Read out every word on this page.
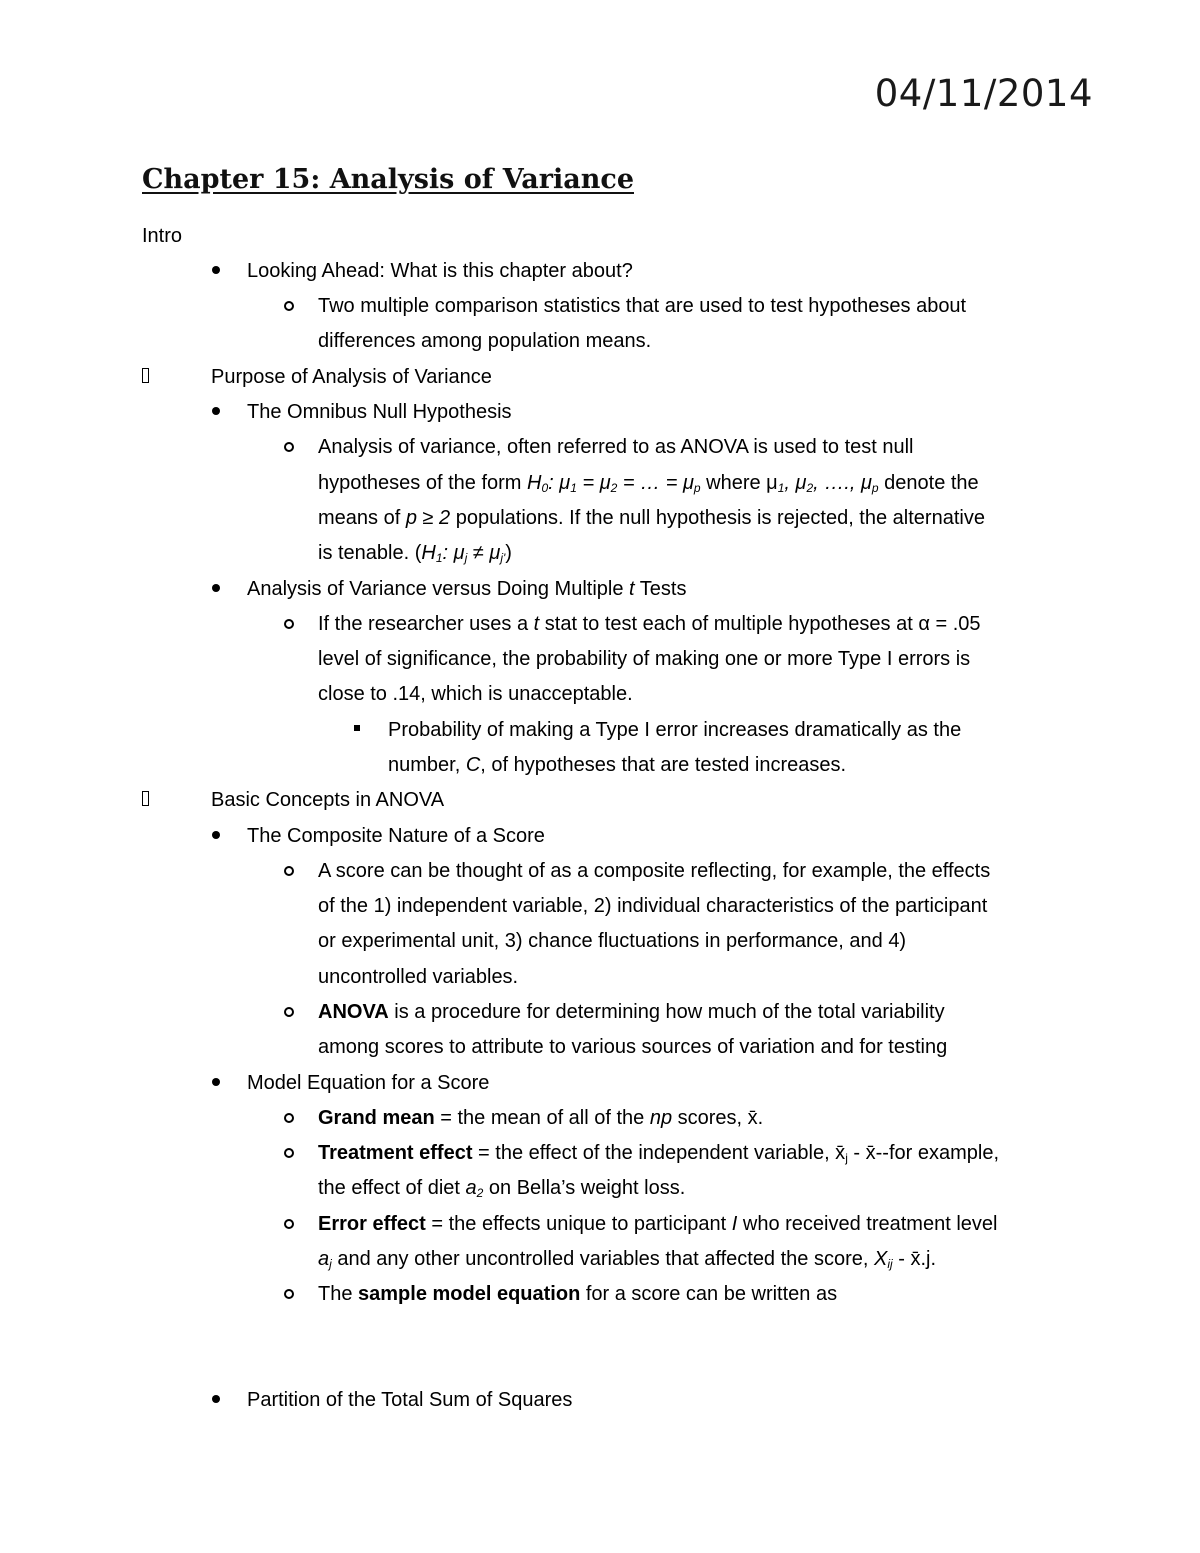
04/11/2014
Chapter 15: Analysis of Variance
Intro
Looking Ahead: What is this chapter about?
Two multiple comparison statistics that are used to test hypotheses about
differences among population means.
Purpose of Analysis of Variance
The Omnibus Null Hypothesis
Analysis of variance, often referred to as ANOVA is used to test null
hypotheses of the form $H_0$: $\mu_1 = \mu_2$ = … = $\mu_p$ where $\mu_1$, $\mu_2$, …., $\mu_p$ denote the
means of p ≥ 2 populations. If the null hypothesis is rejected, the alternative
is tenable. ($H_1$: $\mu_j \ne \mu_{j'}$)
Analysis of Variance versus Doing Multiple t Tests
If the researcher uses a t stat to test each of multiple hypotheses at α = .05
level of significance, the probability of making one or more Type I errors is
close to .14, which is unacceptable.
Probability of making a Type I error increases dramatically as the
number, C, of hypotheses that are tested increases.
Basic Concepts in ANOVA
The Composite Nature of a Score
A score can be thought of as a composite reflecting, for example, the effects
of the 1) independent variable, 2) individual characteristics of the participant
or experimental unit, 3) chance fluctuations in performance, and 4)
uncontrolled variables.
ANOVA is a procedure for determining how much of the total variability
among scores to attribute to various sources of variation and for testing
Model Equation for a Score
Grand mean = the mean of all of the np scores, x̄.
Treatment effect = the effect of the independent variable, $x̄_j$ - x̄--for example,
the effect of diet $a_2$ on Bella’s weight loss.
Error effect = the effects unique to participant I who received treatment level
$a_j$ and any other uncontrolled variables that affected the score, $X_{ij}$ - x̄.j.
The sample model equation for a score can be written as
Partition of the Total Sum of Squares
